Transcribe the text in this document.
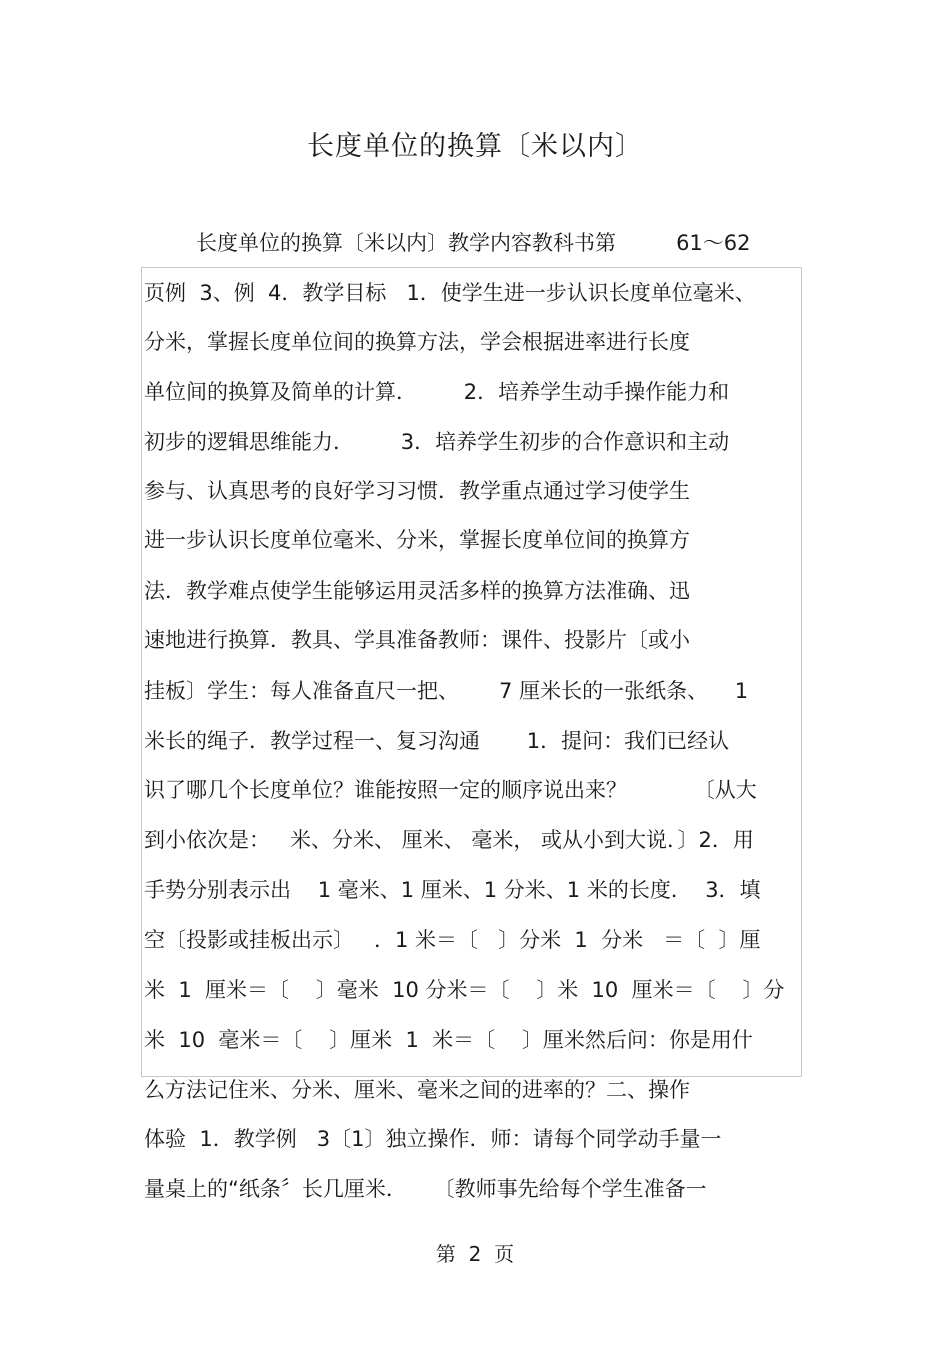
长度单位的换算〔米以内〕
长度单位的换算〔米以内〕教学内容教科书第         61～62
页例  3、例  4．教学目标   1．使学生进一步认识长度单位毫米、
分米，掌握长度单位间的换算方法，学会根据进率进行长度
单位间的换算及简单的计算．       2．培养学生动手操作能力和
初步的逻辑思维能力．       3．培养学生初步的合作意识和主动
参与、认真思考的良好学习习惯．教学重点通过学习使学生
进一步认识长度单位毫米、分米，掌握长度单位间的换算方
法．教学难点使学生能够运用灵活多样的换算方法准确、迅
速地进行换算．教具、学具准备教师：课件、投影片〔或小
挂板〕学生：每人准备直尺一把、      7 厘米长的一张纸条、    1
米长的绳子．教学过程一、复习沟通       1．提问：我们已经认
识了哪几个长度单位？谁能按照一定的顺序说出来？          〔从大
到小依次是：   米、分米、 厘米、 毫米， 或从小到大说．〕2．用
手势分别表示出    1 毫米、1 厘米、1 分米、1 米的长度．  3．填
空〔投影或挂板出示〕   ．1 米＝〔   〕分米  1  分米   ＝〔  〕厘
米  1  厘米＝〔    〕毫米  10 分米＝〔    〕米  10  厘米＝〔    〕分
米  10  毫米＝〔    〕厘米  1  米＝〔    〕厘米然后问：你是用什
么方法记住米、分米、厘米、毫米之间的进率的？二、操作
体验  1．教学例   3〔1〕独立操作．师：请每个同学动手量一
量桌上的“纸条〞长几厘米．    〔教师事先给每个学生准备一
第  2  页
